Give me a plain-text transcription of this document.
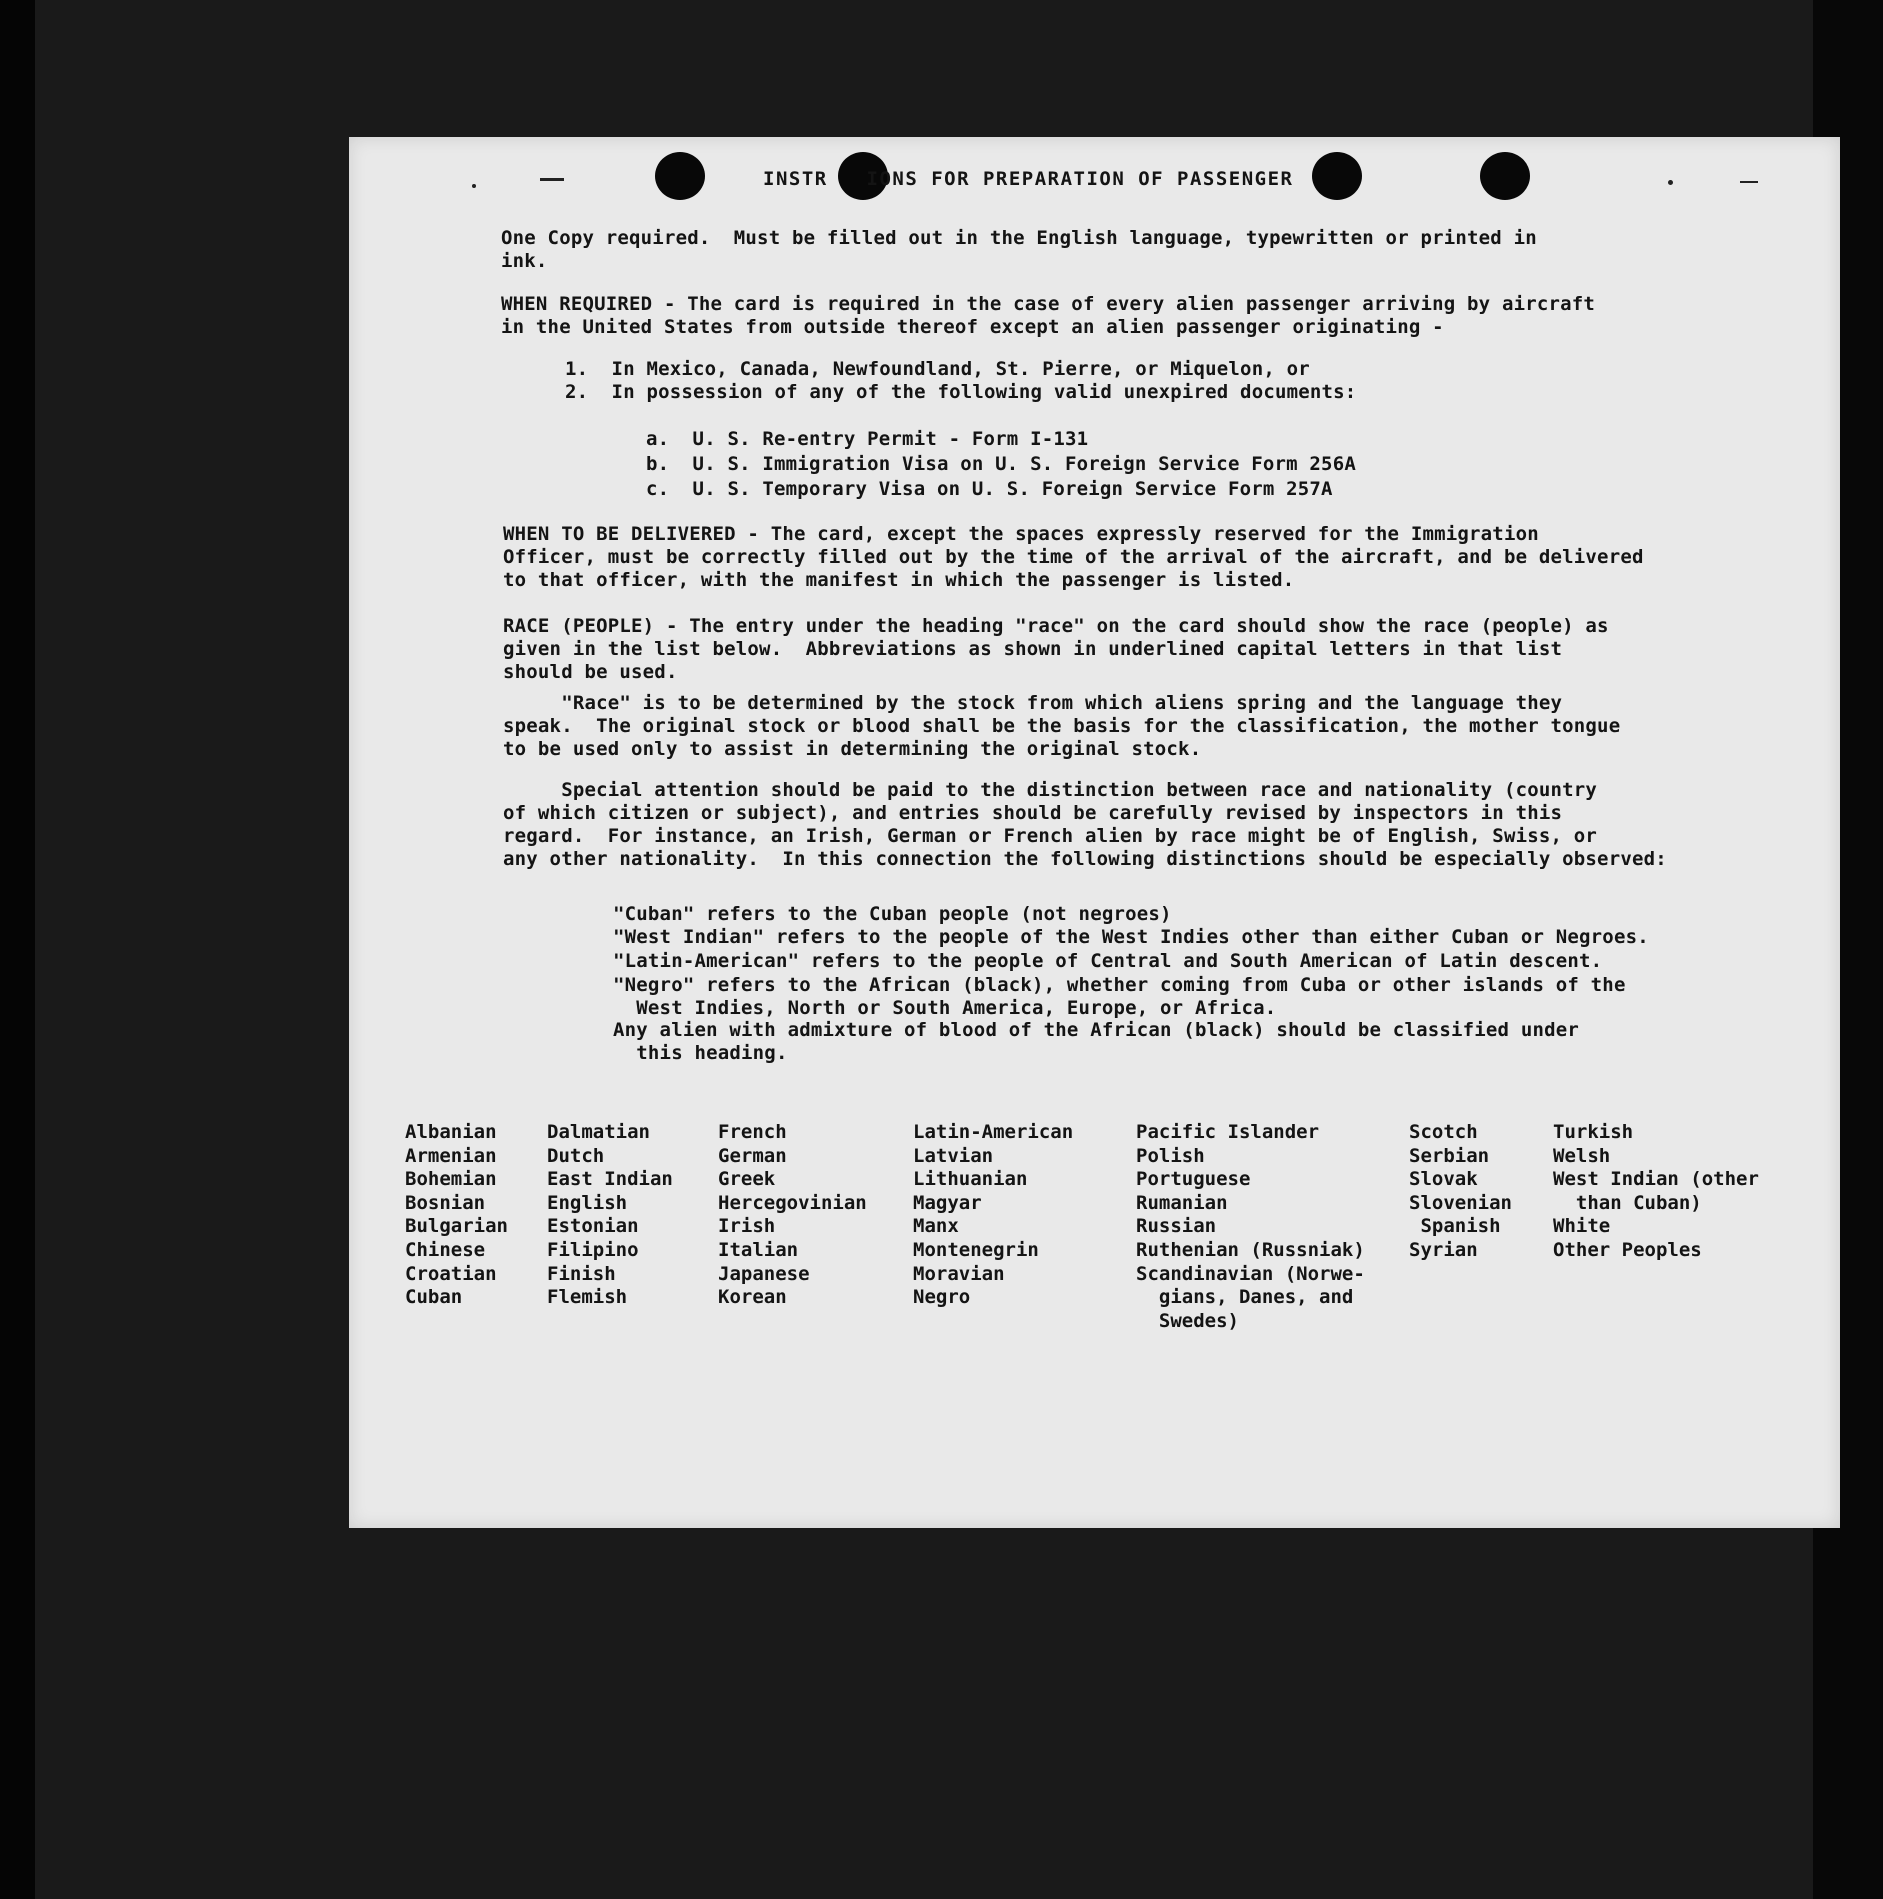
INSTR   IONS FOR PREPARATION OF PASSENGER
One Copy required.  Must be filled out in the English language, typewritten or printed in
ink.
WHEN REQUIRED - The card is required in the case of every alien passenger arriving by aircraft
in the United States from outside thereof except an alien passenger originating -
1.  In Mexico, Canada, Newfoundland, St. Pierre, or Miquelon, or
2.  In possession of any of the following valid unexpired documents:
a.  U. S. Re-entry Permit - Form I-131
b.  U. S. Immigration Visa on U. S. Foreign Service Form 256A
c.  U. S. Temporary Visa on U. S. Foreign Service Form 257A
WHEN TO BE DELIVERED - The card, except the spaces expressly reserved for the Immigration
Officer, must be correctly filled out by the time of the arrival of the aircraft, and be delivered
to that officer, with the manifest in which the passenger is listed.
RACE (PEOPLE) - The entry under the heading "race" on the card should show the race (people) as
given in the list below.  Abbreviations as shown in underlined capital letters in that list
should be used.
"Race" is to be determined by the stock from which aliens spring and the language they
speak.  The original stock or blood shall be the basis for the classification, the mother tongue
to be used only to assist in determining the original stock.
Special attention should be paid to the distinction between race and nationality (country
of which citizen or subject), and entries should be carefully revised by inspectors in this
regard.  For instance, an Irish, German or French alien by race might be of English, Swiss, or
any other nationality.  In this connection the following distinctions should be especially observed:
"Cuban" refers to the Cuban people (not negroes)
"West Indian" refers to the people of the West Indies other than either Cuban or Negroes.
"Latin-American" refers to the people of Central and South American of Latin descent.
"Negro" refers to the African (black), whether coming from Cuba or other islands of the
West Indies, North or South America, Europe, or Africa.
Any alien with admixture of blood of the African (black) should be classified under
this heading.
Albanian
Armenian
Bohemian
Bosnian
Bulgarian
Chinese
Croatian
Cuban
Dalmatian
Dutch
East Indian
English
Estonian
Filipino
Finish
Flemish
French
German
Greek
Hercegovinian
Irish
Italian
Japanese
Korean
Latin-American
Latvian
Lithuanian
Magyar
Manx
Montenegrin
Moravian
Negro
Pacific Islander
Polish
Portuguese
Rumanian
Russian
Ruthenian (Russniak)
Scandinavian (Norwe-
gians, Danes, and
Swedes)
Scotch
Serbian
Slovak
Slovenian
Spanish
Syrian
Turkish
Welsh
West Indian (other
than Cuban)
White
Other Peoples
